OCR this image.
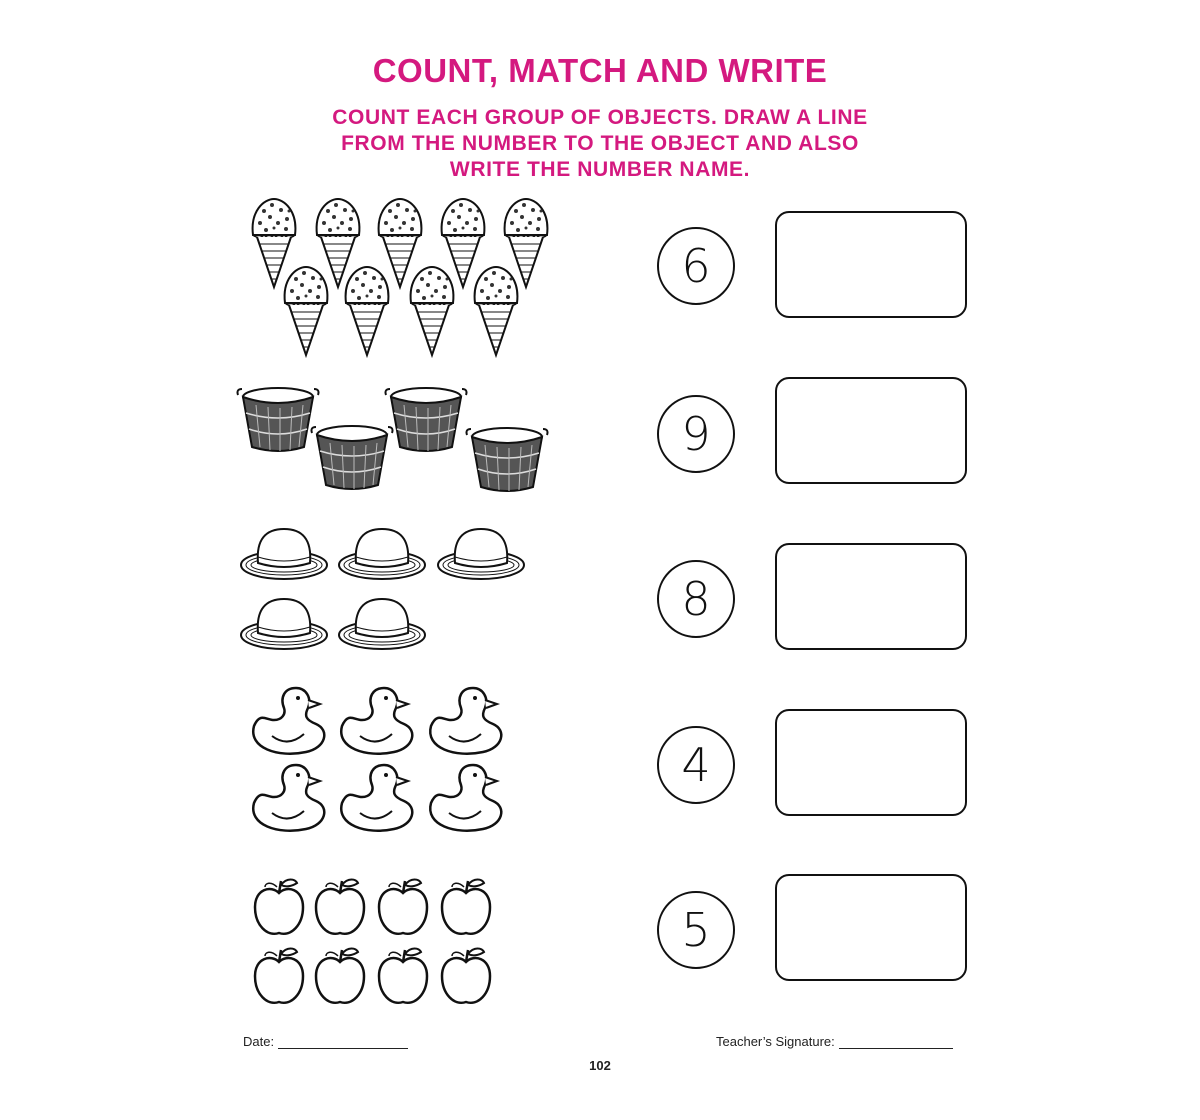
COUNT, MATCH AND WRITE
COUNT EACH GROUP OF OBJECTS. DRAW A LINE
FROM THE NUMBER TO THE OBJECT AND ALSO
WRITE THE NUMBER NAME.
6
9
8
4
5
Date:	Teacher’s Signature:
102
